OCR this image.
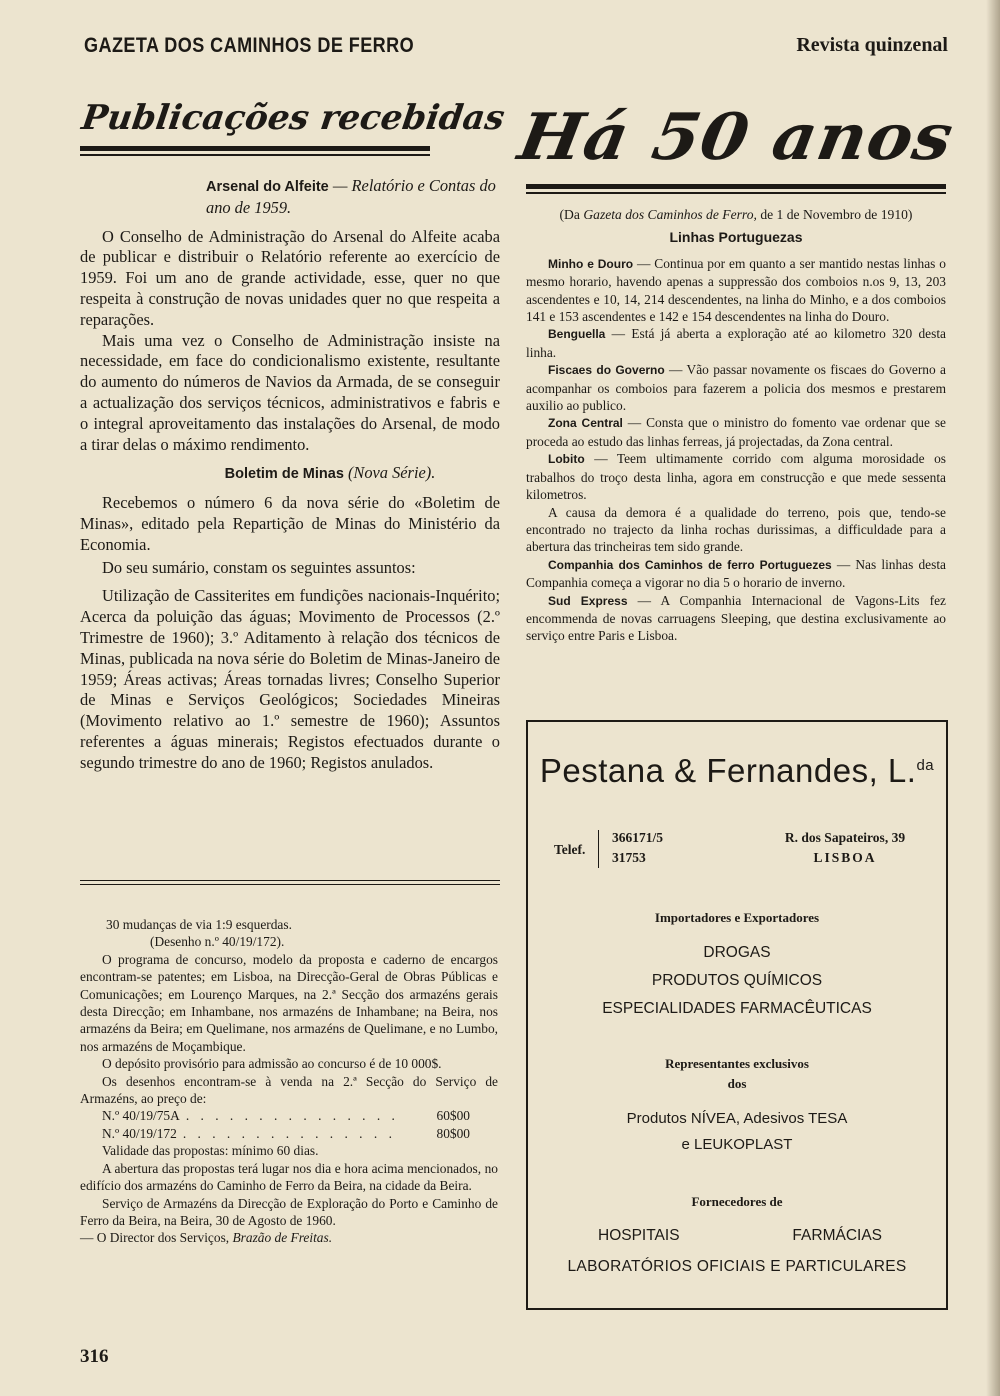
GAZETA DOS CAMINHOS DE FERRO	Revista quinzenal
Publicações recebidas
Arsenal do Alfeite — Relatório e Contas do ano de 1959.

O Conselho de Administração do Arsenal do Alfeite acaba de publicar e distribuir o Relatório referente ao exercício de 1959. Foi um ano de grande actividade, esse, quer no que respeita à construção de novas unidades quer no que respeita a reparações.

Mais uma vez o Conselho de Administração insiste na necessidade, em face do condicionalismo existente, resultante do aumento do números de Navios da Armada, de se conseguir a actualização dos serviços técnicos, administrativos e fabris e o integral aproveitamento das instalações do Arsenal, de modo a tirar delas o máximo rendimento.

Boletim de Minas (Nova Série).

Recebemos o número 6 da nova série do «Boletim de Minas», editado pela Repartição de Minas do Ministério da Economia.

Do seu sumário, constam os seguintes assuntos:

Utilização de Cassiterites em fundições nacionais-Inquérito; Acerca da poluição das águas; Movimento de Processos (2.º Trimestre de 1960); 3.º Aditamento à relação dos técnicos de Minas, publicada na nova série do Boletim de Minas-Janeiro de 1959; Áreas activas; Áreas tornadas livres; Conselho Superior de Minas e Serviços Geológicos; Sociedades Mineiras (Movimento relativo ao 1.º semestre de 1960); Assuntos referentes a águas minerais; Registos efectuados durante o segundo trimestre do ano de 1960; Registos anulados.

30 mudanças de via 1:9 esquerdas.
(Desenho n.º 40/19/172).

O programa de concurso, modelo da proposta e caderno de encargos encontram-se patentes; em Lisboa, na Direcção-Geral de Obras Públicas e Comunicações; em Lourenço Marques, na 2.ª Secção dos armazéns gerais desta Direcção; em Inhambane, nos armazéns de Inhambane; na Beira, nos armazéns da Beira; em Quelimane, nos armazéns de Quelimane, e no Lumbo, nos armazéns de Moçambique.

O depósito provisório para admissão ao concurso é de 10 000$.

Os desenhos encontram-se à venda na 2.ª Secção do Serviço de Armazéns, ao preço de:

N.º 40/19/75A . . . . . . . . . . . . . . .	60$00
N.º 40/19/172 . . . . . . . . . . . . . . .	80$00

Validade das propostas: mínimo 60 dias.

A abertura das propostas terá lugar nos dia e hora acima mencionados, no edifício dos armazéns do Caminho de Ferro da Beira, na cidade da Beira.

Serviço de Armazéns da Direcção de Exploração do Porto e Caminho de Ferro da Beira, na Beira, 30 de Agosto de 1960.

— O Director dos Serviços, Brazão de Freitas.
316
Há 50 anos
(Da Gazeta dos Caminhos de Ferro, de 1 de Novembro de 1910)
Linhas Portuguezas

Minho e Douro — Continua por em quanto a ser mantido nestas linhas o mesmo horario, havendo apenas a suppressão dos comboios n.os 9, 13, 203 ascendentes e 10, 14, 214 descendentes, na linha do Minho, e a dos comboios 141 e 153 ascendentes e 142 e 154 descendentes na linha do Douro.

Benguella — Está já aberta a exploração até ao kilometro 320 desta linha.

Fiscaes do Governo — Vão passar novamente os fiscaes do Governo a acompanhar os comboios para fazerem a policia dos mesmos e prestarem auxilio ao publico.

Zona Central — Consta que o ministro do fomento vae ordenar que se proceda ao estudo das linhas ferreas, já projectadas, da Zona central.

Lobito — Teem ultimamente corrido com alguma morosidade os trabalhos do troço desta linha, agora em construcção e que mede sessenta kilometros.

A causa da demora é a qualidade do terreno, pois que, tendo-se encontrado no trajecto da linha rochas durissimas, a difficuldade para a abertura das trincheiras tem sido grande.

Companhia dos Caminhos de ferro Portuguezes — Nas linhas desta Companhia começa a vigorar no dia 5 o horario de inverno.

Sud Express — A Companhia Internacional de Vagons-Lits fez encommenda de novas carruagens Sleeping, que destina exclusivamente ao serviço entre Paris e Lisboa.

Pestana & Fernandes, L.$^{da}$
Telef.
366171/5
31753
R. dos Sapateiros, 39
LISBOA
Importadores e Exportadores
DROGAS
PRODUTOS QUÍMICOS
ESPECIALIDADES FARMACÊUTICAS
Representantes exclusivos
dos
Produtos NÍVEA, Adesivos TESA
e LEUKOPLAST
Fornecedores de
HOSPITAIS	FARMÁCIAS
LABORATÓRIOS OFICIAIS E PARTICULARES
